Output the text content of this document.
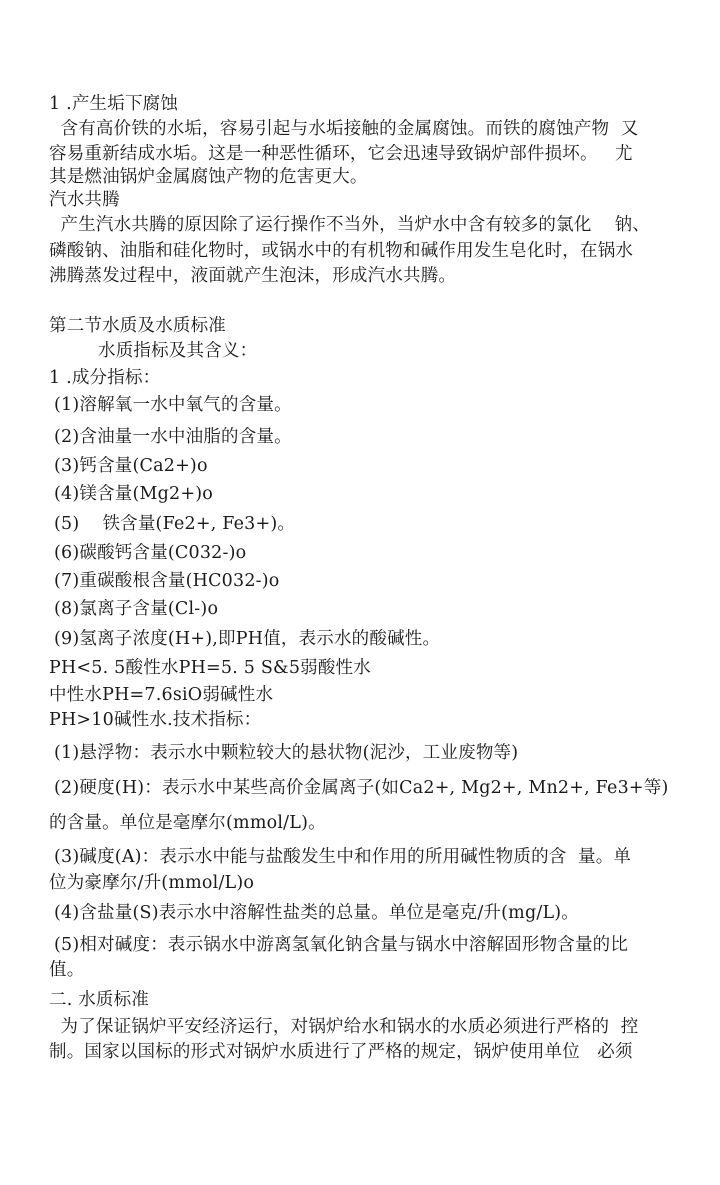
1 .产生垢下腐蚀
含有高价铁的水垢，容易引起与水垢接触的金属腐蚀。而铁的腐蚀产物  又
容易重新结成水垢。这是一种恶性循环，它会迅速导致锅炉部件损坏。   尤
其是燃油锅炉金属腐蚀产物的危害更大。
汽水共腾
产生汽水共腾的原因除了运行操作不当外，当炉水中含有较多的氯化    钠、
磷酸钠、油脂和硅化物时，或锅水中的有机物和碱作用发生皂化时，在锅水
沸腾蒸发过程中，液面就产生泡沫，形成汽水共腾。
第二节水质及水质标准
水质指标及其含义：
1 .成分指标：
(1)溶解氧一水中氧气的含量。
(2)含油量一水中油脂的含量。
(3)钙含量(Ca2+)o
(4)镁含量(Mg2+)o
(5)    铁含量(Fe2+, Fe3+)。
(6)碳酸钙含量(C032-)o
(7)重碳酸根含量(HC032-)o
(8)氯离子含量(Cl-)o
(9)氢离子浓度(H+),即PH值，表示水的酸碱性。
PH<5. 5酸性水PH=5. 5 S&5弱酸性水
中性水PH=7.6siO弱碱性水
PH>10碱性水.技术指标：
(1)悬浮物：表示水中颗粒较大的悬状物(泥沙，工业废物等)
(2)硬度(H)：表示水中某些高价金属离子(如Ca2+, Mg2+, Mn2+, Fe3+等)
的含量。单位是毫摩尔(mmol/L)。
(3)碱度(A)：表示水中能与盐酸发生中和作用的所用碱性物质的含  量。单
位为豪摩尔/升(mmol/L)o
(4)含盐量(S)表示水中溶解性盐类的总量。单位是毫克/升(mg/L)。
(5)相对碱度：表示锅水中游离氢氧化钠含量与锅水中溶解固形物含量的比
值。
二. 水质标准
为了保证锅炉平安经济运行，对锅炉给水和锅水的水质必须进行严格的  控
制。国家以国标的形式对锅炉水质进行了严格的规定，锅炉使用单位   必须
